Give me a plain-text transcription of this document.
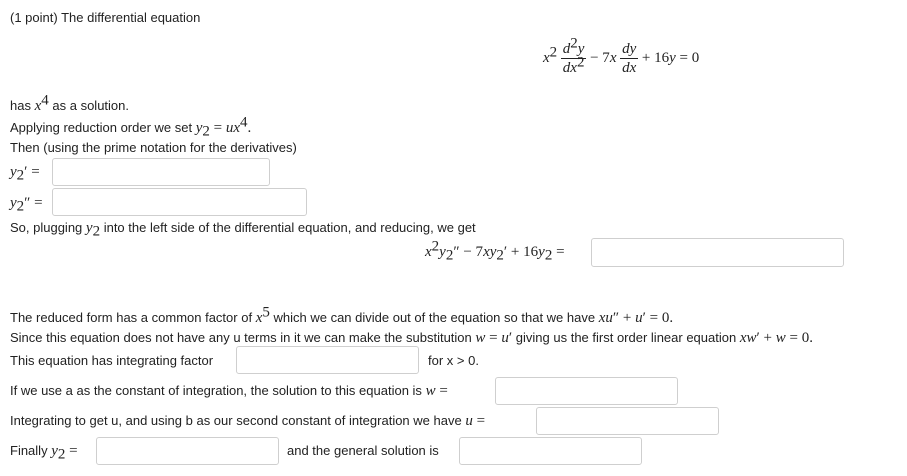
(1 point) The differential equation
$x^2 \frac{d^2y}{dx^2} - 7x \frac{dy}{dx} + 16y = 0$
has $x^4$ as a solution.
Applying reduction order we set $y_2 = ux^4$.
Then (using the prime notation for the derivatives)
$y_2'$ =
$y_2''$ =
So, plugging $y_2$ into the left side of the differential equation, and reducing, we get
$x^2y_2'' - 7xy_2' + 16y_2$ =
The reduced form has a common factor of $x^5$ which we can divide out of the equation so that we have xu″ + u′ = 0.
Since this equation does not have any u terms in it we can make the substitution w = u′ giving us the first order linear equation xw′ + w = 0.
This equation has integrating factor	for x > 0.
If we use a as the constant of integration, the solution to this equation is w =
Integrating to get u, and using b as our second constant of integration we have u =
Finally $y_2$ =	and the general solution is
